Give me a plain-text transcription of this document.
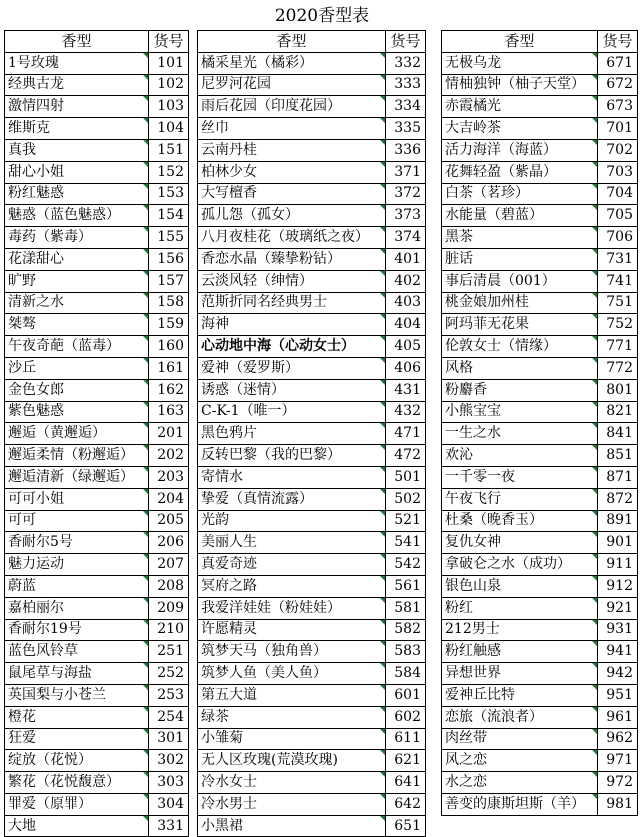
2020香型表
香型	货号
1号玫瑰	101
经典古龙	102
激情四射	103
维斯克	104
真我	151
甜心小姐	152
粉红魅惑	153
魅惑（蓝色魅惑）	154
毒药（紫毒）	155
花漾甜心	156
旷野	157
清新之水	158
桀骜	159
午夜奇葩（蓝毒）	160
沙丘	161
金色女郎	162
紫色魅惑	163
邂逅（黄邂逅）	201
邂逅柔情（粉邂逅）	202
邂逅清新（绿邂逅）	203
可可小姐	204
可可	205
香耐尔5号	206
魅力运动	207
蔚蓝	208
嘉柏丽尔	209
香耐尔19号	210
蓝色风铃草	251
鼠尾草与海盐	252
英国梨与小苍兰	253
橙花	254
狂爱	301
绽放（花悦）	302
繁花（花悦馥意）	303
罪爱（原罪）	304
大地	331
香型	货号
橘采星光（橘彩）	332
尼罗河花园	333
雨后花园（印度花园）	334
丝巾	335
云南丹桂	336
柏林少女	371
大写檀香	372
孤儿怨（孤女）	373
八月夜桂花（玻璃纸之夜）	374
香恋水晶（臻挚粉钻）	401
云淡风轻（绅情）	402
范斯折同名经典男士	403
海神	404
心动地中海（心动女士）	405
爱神（爱罗斯）	406
诱惑（迷情）	431
C-K-1（唯一）	432
黑色鸦片	471
反转巴黎（我的巴黎）	472
寄情水	501
挚爱（真情流露）	502
光韵	521
美丽人生	541
真爱奇迹	542
冥府之路	561
我爱洋娃娃（粉娃娃）	581
许愿精灵	582
筑梦天马（独角兽）	583
筑梦人鱼（美人鱼）	584
第五大道	601
绿茶	602
小雏菊	611
无人区玫瑰(荒漠玫瑰)	621
冷水女士	641
冷水男士	642
小黑裙	651
香型	货号
无极乌龙	671
情柚独钟（柚子天堂）	672
赤霞橘光	673
大吉岭茶	701
活力海洋（海蓝）	702
花舞轻盈（紫晶）	703
白茶（茗珍）	704
水能量（碧蓝）	705
黑茶	706
脏话	731
事后清晨（001）	741
桃金娘加州桂	751
阿玛菲无花果	752
伦敦女士（情缘）	771
风格	772
粉麝香	801
小熊宝宝	821
一生之水	841
欢沁	851
一千零一夜	871
午夜飞行	872
杜桑（晚香玉）	891
复仇女神	901
拿破仑之水（成功）	911
银色山泉	912
粉红	921
212男士	931
粉红触感	941
异想世界	942
爱神丘比特	951
恋旅（流浪者）	961
肉丝带	962
风之恋	971
水之恋	972
善变的康斯坦斯（羊）	981
